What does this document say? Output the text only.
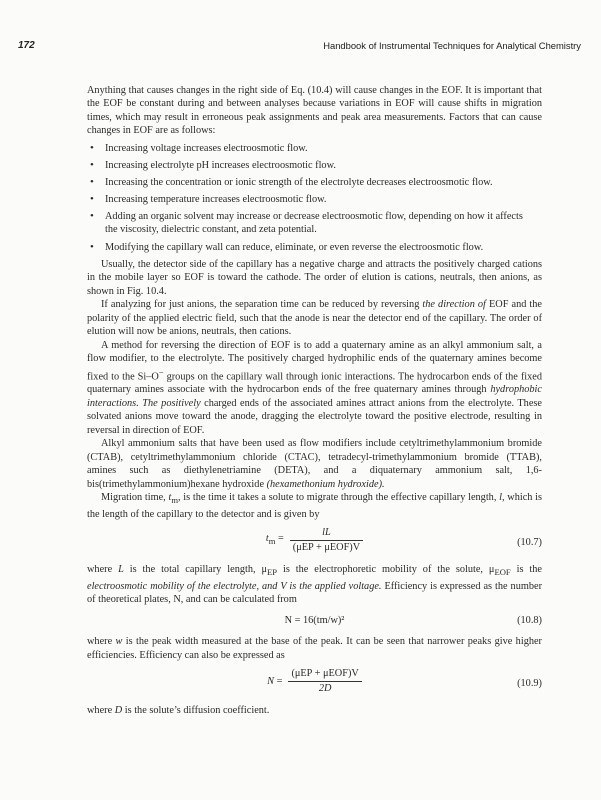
172	Handbook of Instrumental Techniques for Analytical Chemistry

Anything that causes changes in the right side of Eq. (10.4) will cause changes in the EOF. It is important that the EOF be constant during and between analyses because variations in EOF will cause shifts in migration times, which may result in erroneous peak assignments and peak area measurements. Factors that can cause changes in EOF are as follows:

• Increasing voltage increases electroosmotic flow.
• Increasing electrolyte pH increases electroosmotic flow.
• Increasing the concentration or ionic strength of the electrolyte decreases electroosmotic flow.
• Increasing temperature increases electroosmotic flow.
• Adding an organic solvent may increase or decrease electroosmotic flow, depending on how it affects the viscosity, dielectric constant, and zeta potential.
• Modifying the capillary wall can reduce, eliminate, or even reverse the electroosmotic flow.

Usually, the detector side of the capillary has a negative charge and attracts the positively charged cations in the mobile layer so EOF is toward the cathode. The order of elution is cations, neutrals, then anions, as shown in Fig. 10.4.

If analyzing for just anions, the separation time can be reduced by reversing the direction of EOF and the polarity of the applied electric field, such that the anode is near the detector end of the capillary. The order of elution will now be anions, neutrals, then cations.

A method for reversing the direction of EOF is to add a quaternary amine as an alkyl ammonium salt, a flow modifier, to the electrolyte. The positively charged hydrophilic ends of the quaternary amines become fixed to the Si–O− groups on the capillary wall through ionic interactions. The hydrocarbon ends of the fixed quaternary amines associate with the hydrocarbon ends of the free quaternary amines through hydrophobic interactions. The positively charged ends of the associated amines attract anions from the electrolyte. These solvated anions move toward the anode, dragging the electrolyte toward the positive electrode, resulting in reversal in direction of EOF.

Alkyl ammonium salts that have been used as flow modifiers include cetyltrimethylammonium bromide (CTAB), cetyltrimethylammonium chloride (CTAC), tetradecyl-trimethylammonium bromide (TTAB), amines such as diethylenetriamine (DETA), and a diquaternary ammonium salt, 1,6-bis(trimethylammonium)hexane hydroxide (hexamethonium hydroxide).

Migration time, $t_m$, is the time it takes a solute to migrate through the effective capillary length, l, which is the length of the capillary to the detector and is given by

$t_m = \frac{lL}{\text{(μEP + μEOF)V}}$	(10.7)

where L is the total capillary length, $\mu_{EP}$ is the electrophoretic mobility of the solute, $\mu_{EOF}$ is the electroosmotic mobility of the electrolyte, and V is the applied voltage. Efficiency is expressed as the number of theoretical plates, N, and can be calculated from

N = 16(tm/w)²	(10.8)

where w is the peak width measured at the base of the peak. It can be seen that narrower peaks give higher efficiencies. Efficiency can also be expressed as

$N = \frac{\text{(μEP + μEOF)V}}{2D}$	(10.9)

where D is the solute’s diffusion coefficient.
